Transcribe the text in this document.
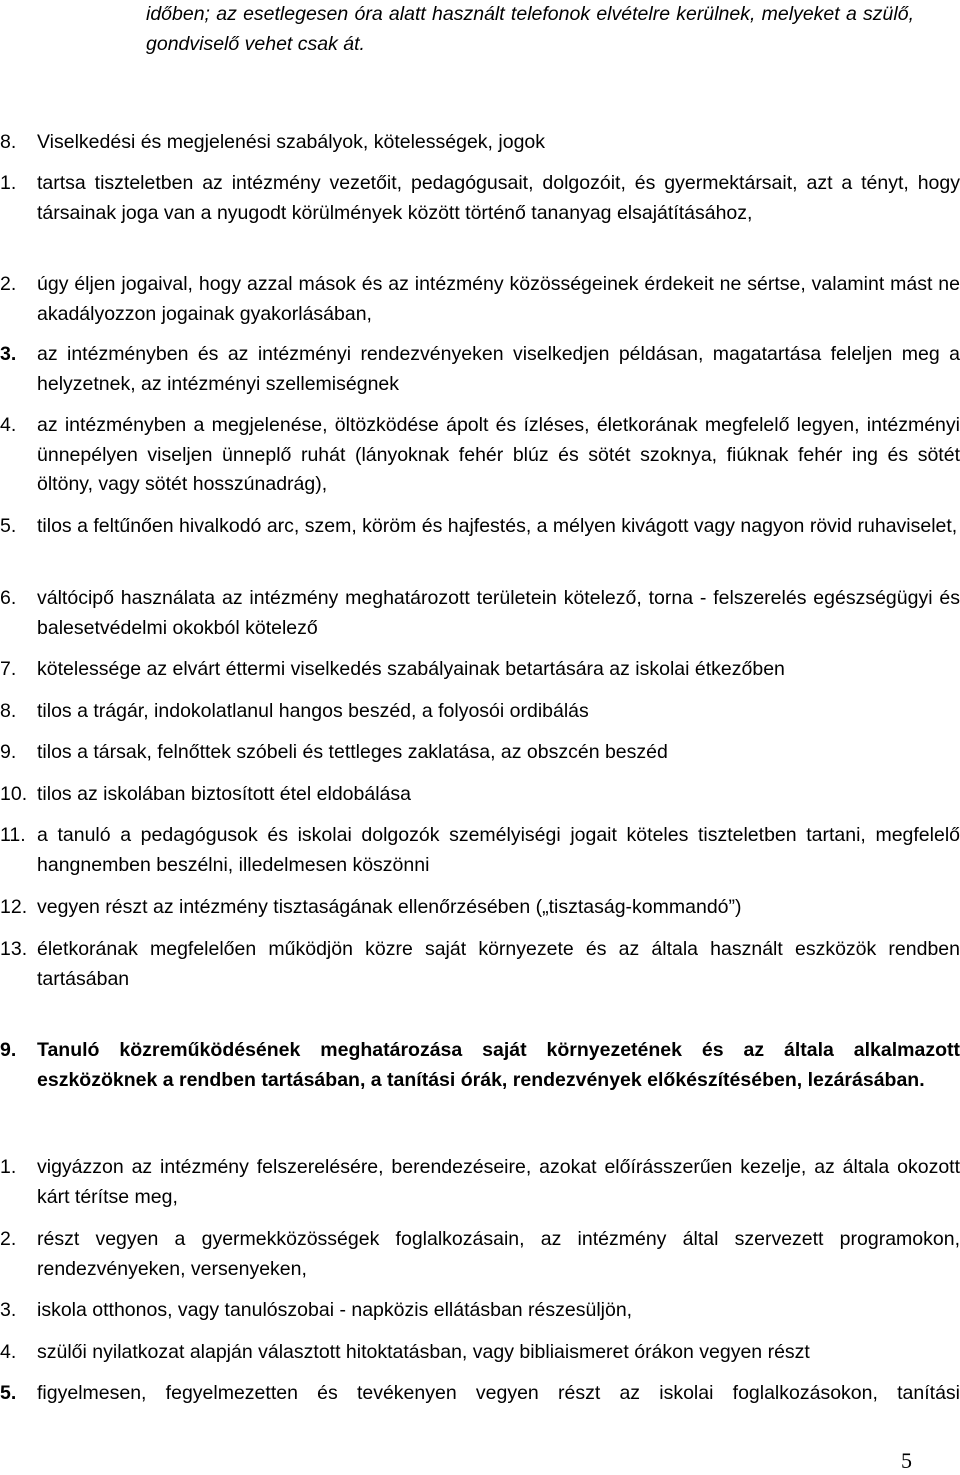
időben; az esetlegesen óra alatt használt telefonok elvételre kerülnek, melyeket a szülő, gondviselő vehet csak át.
8.	Viselkedési és megjelenési szabályok, kötelességek, jogok
1.	tartsa tiszteletben az intézmény vezetőit, pedagógusait, dolgozóit, és gyermektársait, azt a tényt, hogy társainak joga van a nyugodt körülmények között történő tananyag elsajátításához,
2.	úgy éljen jogaival, hogy azzal mások és az intézmény közösségeinek érdekeit ne sértse, valamint mást ne akadályozzon jogainak gyakorlásában,
3.	az intézményben és az intézményi rendezvényeken viselkedjen példásan, magatartása feleljen meg a helyzetnek, az intézményi szellemiségnek
4.	az intézményben a megjelenése, öltözködése ápolt és ízléses, életkorának megfelelő legyen, intézményi ünnepélyen viseljen ünneplő ruhát (lányoknak fehér blúz és sötét szoknya, fiúknak fehér ing és sötét öltöny, vagy sötét hosszúnadrág),
5.	tilos a feltűnően hivalkodó arc, szem, köröm és hajfestés, a mélyen kivágott vagy nagyon rövid ruhaviselet,
6.	váltócipő használata az intézmény meghatározott területein kötelező, torna - felszerelés egészségügyi és balesetvédelmi okokból kötelező
7.	kötelessége az elvárt éttermi viselkedés szabályainak betartására az iskolai étkezőben
8.	tilos a trágár, indokolatlanul hangos beszéd, a folyosói ordibálás
9.	tilos a társak, felnőttek szóbeli és tettleges zaklatása, az obszcén beszéd
10. tilos az iskolában biztosított étel eldobálása
11. a tanuló a pedagógusok és iskolai dolgozók személyiségi jogait köteles tiszteletben tartani, megfelelő hangnemben beszélni, illedelmesen köszönni
12. vegyen részt az intézmény tisztaságának ellenőrzésében („tisztaság-kommandó”)
13. életkorának megfelelően működjön közre saját környezete és az általa használt eszközök rendben tartásában
9.	Tanuló közreműködésének meghatározása saját környezetének és az általa alkalmazott eszközöknek a rendben tartásában, a tanítási órák, rendezvények előkészítésében, lezárásában.
1.	vigyázzon az intézmény felszerelésére, berendezéseire, azokat előírásszerűen kezelje, az általa okozott kárt térítse meg,
2.	részt vegyen a gyermekközösségek foglalkozásain, az intézmény által szervezett programokon, rendezvényeken, versenyeken,
3.	iskola otthonos, vagy tanulószobai - napközis ellátásban részesüljön,
4.	szülői nyilatkozat alapján választott hitoktatásban, vagy bibliaismeret órákon vegyen részt
5.	figyelmesen, fegyelmezetten és tevékenyen vegyen részt az iskolai foglalkozásokon, tanítási
5
